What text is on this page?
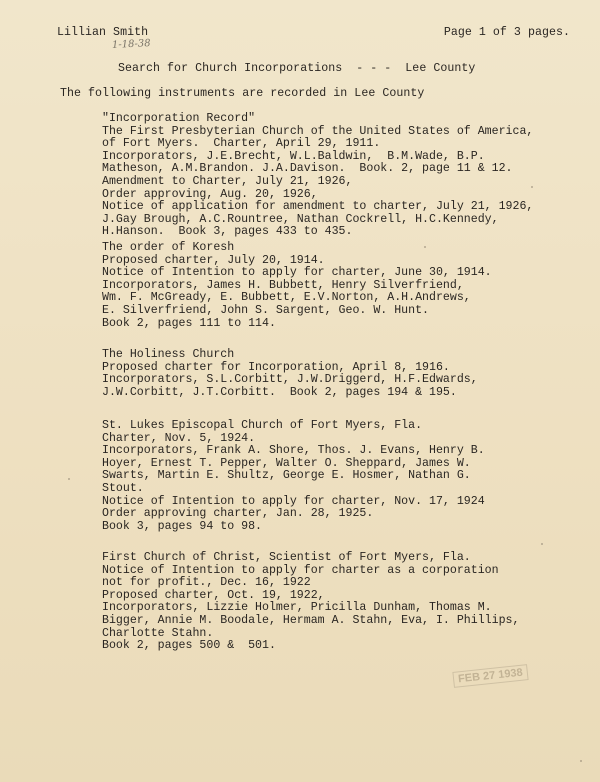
Lillian Smith	Page 1 of 3 pages.
1-18-38
Search for Church Incorporations  - - -  Lee County
The following instruments are recorded in Lee County
"Incorporation Record"
The First Presbyterian Church of the United States of America,
of Fort Myers.  Charter, April 29, 1911.
Incorporators, J.E.Brecht, W.L.Baldwin,  B.M.Wade, B.P.
Matheson, A.M.Brandon. J.A.Davison.  Book. 2, page 11 & 12.
Amendment to Charter, July 21, 1926,
Order approving, Aug. 20, 1926,
Notice of application for amendment to charter, July 21, 1926,
J.Gay Brough, A.C.Rountree, Nathan Cockrell, H.C.Kennedy,
H.Hanson.  Book 3, pages 433 to 435.
The order of Koresh
Proposed charter, July 20, 1914.
Notice of Intention to apply for charter, June 30, 1914.
Incorporators, James H. Bubbett, Henry Silverfriend,
Wm. F. McGready, E. Bubbett, E.V.Norton, A.H.Andrews,
E. Silverfriend, John S. Sargent, Geo. W. Hunt.
Book 2, pages 111 to 114.
The Holiness Church
Proposed charter for Incorporation, April 8, 1916.
Incorporators, S.L.Corbitt, J.W.Driggerd, H.F.Edwards,
J.W.Corbitt, J.T.Corbitt.  Book 2, pages 194 & 195.
St. Lukes Episcopal Church of Fort Myers, Fla.
Charter, Nov. 5, 1924.
Incorporators, Frank A. Shore, Thos. J. Evans, Henry B.
Hoyer, Ernest T. Pepper, Walter O. Sheppard, James W.
Swarts, Martin E. Shultz, George E. Hosmer, Nathan G.
Stout.
Notice of Intention to apply for charter, Nov. 17, 1924
Order approving charter, Jan. 28, 1925.
Book 3, pages 94 to 98.
First Church of Christ, Scientist of Fort Myers, Fla.
Notice of Intention to apply for charter as a corporation
not for profit., Dec. 16, 1922
Proposed charter, Oct. 19, 1922,
Incorporators, Lizzie Holmer, Pricilla Dunham, Thomas M.
Bigger, Annie M. Boodale, Hermam A. Stahn, Eva, I. Phillips,
Charlotte Stahn.
Book 2, pages 500 &  501.
FEB 27 1938
